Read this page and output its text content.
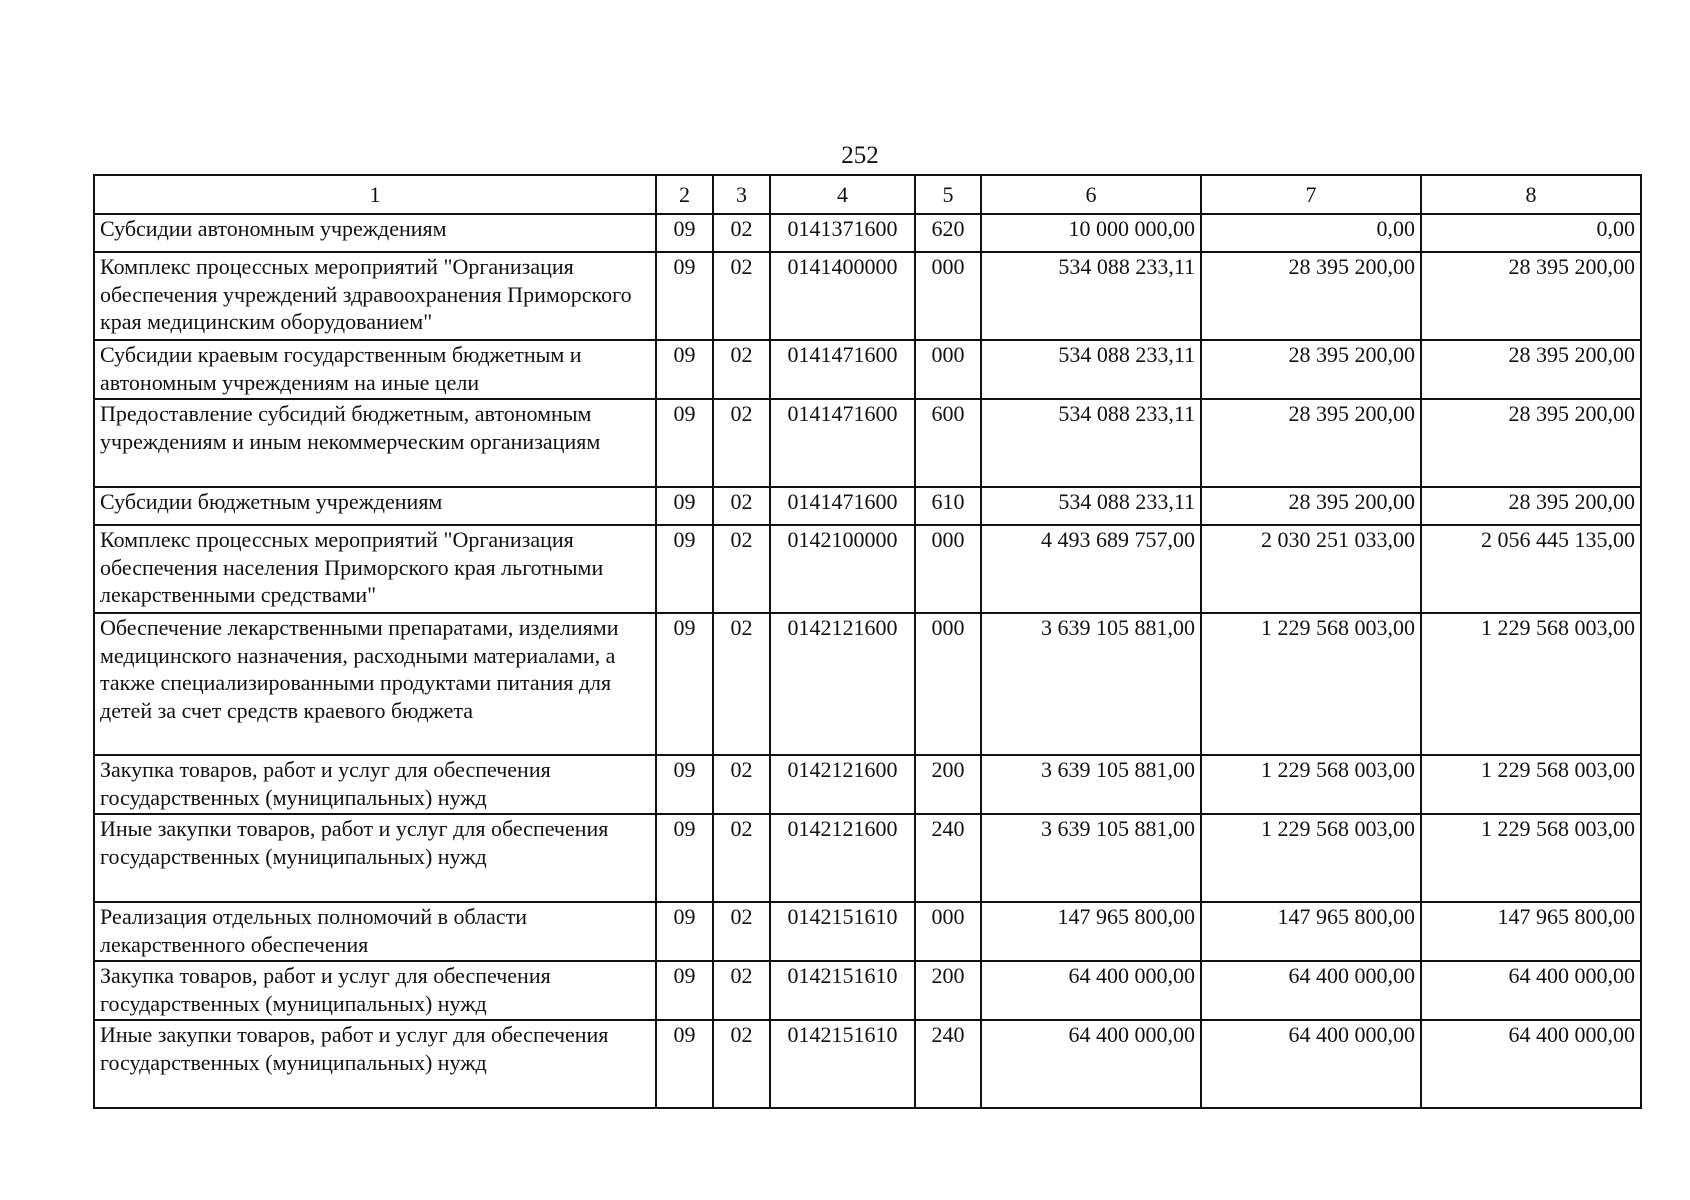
252
1	2	3	4	5	6	7	8
Субсидии автономным учреждениям	09	02	0141371600	620	10 000 000,00	0,00	0,00
Комплекс процессных мероприятий "Организация обеспечения учреждений здравоохранения Приморского края медицинским оборудованием"	09	02	0141400000	000	534 088 233,11	28 395 200,00	28 395 200,00
Субсидии краевым государственным бюджетным и автономным учреждениям на иные цели	09	02	0141471600	000	534 088 233,11	28 395 200,00	28 395 200,00
Предоставление субсидий бюджетным, автономным учреждениям и иным некоммерческим организациям	09	02	0141471600	600	534 088 233,11	28 395 200,00	28 395 200,00
Субсидии бюджетным учреждениям	09	02	0141471600	610	534 088 233,11	28 395 200,00	28 395 200,00
Комплекс процессных мероприятий "Организация обеспечения населения Приморского края льготными лекарственными средствами"	09	02	0142100000	000	4 493 689 757,00	2 030 251 033,00	2 056 445 135,00
Обеспечение лекарственными препаратами, изделиями медицинского назначения, расходными материалами, а также специализированными продуктами питания для детей за счет средств краевого бюджета	09	02	0142121600	000	3 639 105 881,00	1 229 568 003,00	1 229 568 003,00
Закупка товаров, работ и услуг для обеспечения государственных (муниципальных) нужд	09	02	0142121600	200	3 639 105 881,00	1 229 568 003,00	1 229 568 003,00
Иные закупки товаров, работ и услуг для обеспечения государственных (муниципальных) нужд	09	02	0142121600	240	3 639 105 881,00	1 229 568 003,00	1 229 568 003,00
Реализация отдельных полномочий в области лекарственного обеспечения	09	02	0142151610	000	147 965 800,00	147 965 800,00	147 965 800,00
Закупка товаров, работ и услуг для обеспечения государственных (муниципальных) нужд	09	02	0142151610	200	64 400 000,00	64 400 000,00	64 400 000,00
Иные закупки товаров, работ и услуг для обеспечения государственных (муниципальных) нужд	09	02	0142151610	240	64 400 000,00	64 400 000,00	64 400 000,00
